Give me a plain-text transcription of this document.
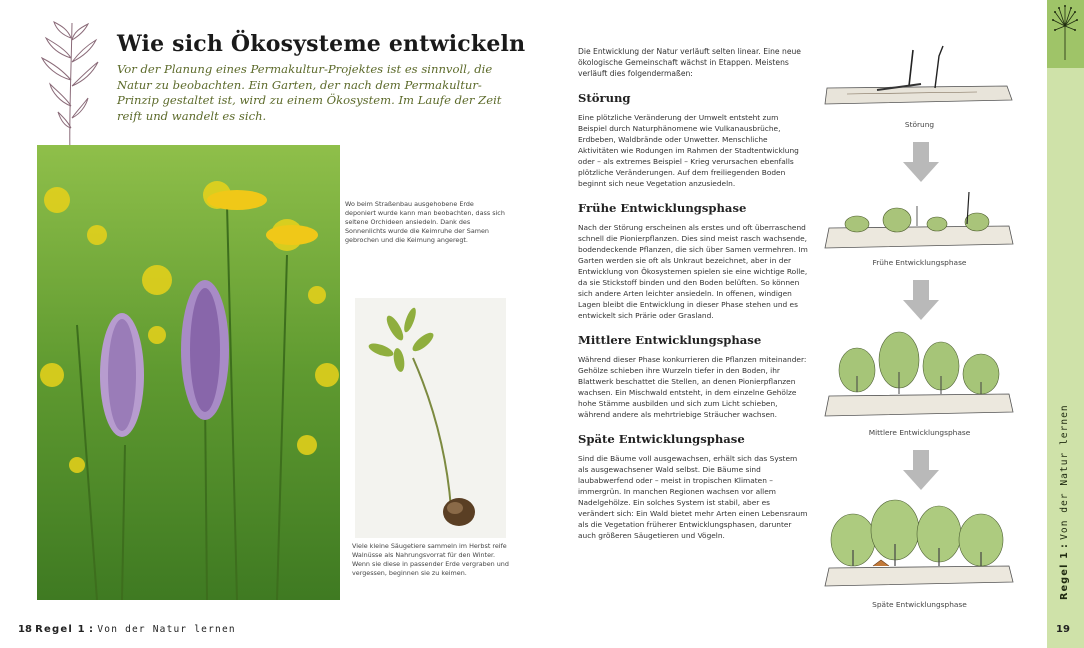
Wie sich Ökosysteme entwickeln
Vor der Planung eines Permakultur-Projektes ist es sinnvoll, die Natur zu beobachten. Ein Garten, der nach dem Permakultur-Prinzip gestaltet ist, wird zu einem Ökosystem. Im Laufe der Zeit reift und wandelt es sich.
Wo beim Straßenbau ausgehobene Erde deponiert wurde kann man beobachten, dass sich seltene Orchideen ansiedeln. Dank des Sonnenlichts wurde die Keimruhe der Samen gebrochen und die Keimung angeregt.
Viele kleine Säugetiere sammeln im Herbst reife Walnüsse als Nahrungsvorrat für den Winter. Wenn sie diese in passender Erde vergraben und vergessen, beginnen sie zu keimen.
18 Regel 1 : Von der Natur lernen

Die Entwicklung der Natur verläuft selten linear. Eine neue ökologische Gemeinschaft wächst in Etappen. Meistens verläuft dies folgendermaßen:

Störung

Eine plötzliche Veränderung der Umwelt entsteht zum Beispiel durch Naturphänomene wie Vulkanausbrüche, Erdbeben, Waldbrände oder Unwetter. Menschliche Aktivitäten wie Rodungen im Rahmen der Stadtentwicklung oder – als extremes Beispiel – Krieg verursachen ebenfalls plötzliche Veränderungen. Auf dem freiliegenden Boden beginnt sich neue Vegetation anzusiedeln.

Frühe Entwicklungsphase

Nach der Störung erscheinen als erstes und oft überraschend schnell die Pionierpflanzen. Dies sind meist rasch wachsende, bodendeckende Pflanzen, die sich über Samen vermehren. Im Garten werden sie oft als Unkraut bezeichnet, aber in der Entwicklung von Ökosystemen spielen sie eine wichtige Rolle, da sie Stickstoff binden und den Boden belüften. So können sich andere Arten leichter ansiedeln. In offenen, windigen Lagen bleibt die Entwicklung in dieser Phase stehen und es entwickelt sich Prärie oder Grasland.

Mittlere Entwicklungsphase

Während dieser Phase konkurrieren die Pflanzen miteinander: Gehölze schieben ihre Wurzeln tiefer in den Boden, ihr Blattwerk beschattet die Stellen, an denen Pionierpflanzen wachsen. Ein Mischwald entsteht, in dem einzelne Gehölze hohe Stämme ausbilden und sich zum Licht schieben, während andere als mehrtriebige Sträucher wachsen.

Späte Entwicklungsphase

Sind die Bäume voll ausgewachsen, erhält sich das System als ausgewachsener Wald selbst. Die Bäume sind laubabwerfend oder – meist in tropischen Klimaten – immergrün. In manchen Regionen wachsen vor allem Nadelgehölze. Ein solches System ist stabil, aber es verändert sich: Ein Wald bietet mehr Arten einen Lebensraum als die Vegetation früherer Entwicklungsphasen, darunter auch größeren Säugetieren und Vögeln.

Störung
Frühe Entwicklungsphase
Mittlere Entwicklungsphase
Späte Entwicklungsphase
Regel 1 : Von der Natur lernen
19
